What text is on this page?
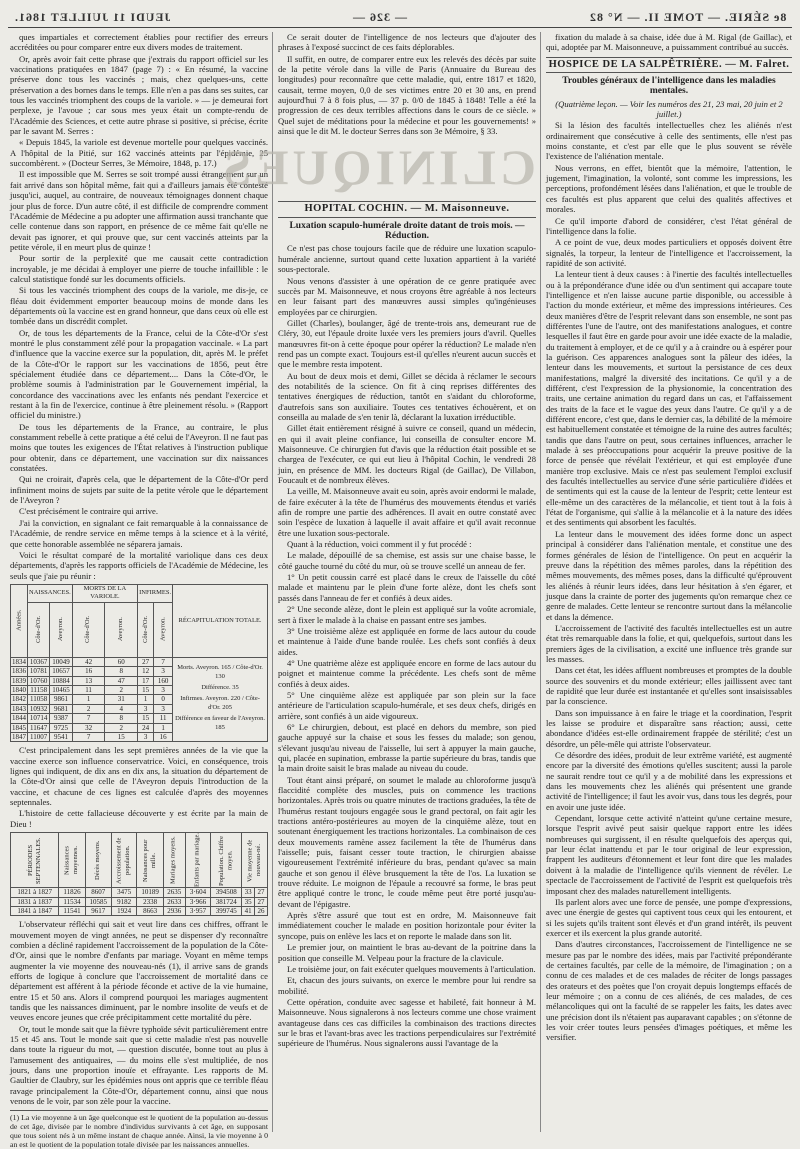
JEUDI 11 JUILLET 1861.	— 326 —	8e SÉRIE. — TOME II. — N° 82

ques impartiales et correctement établies pour rectifier des erreurs accréditées ou pour comparer entre eux divers modes de traitement.

Or, après avoir fait cette phrase que j'extrais du rapport officiel sur les vaccinations pratiquées en 1847 (page 7) : « En résumé, la vaccine préserve donc tous les vaccinés ; mais, chez quelques-uns, cette préservation a des bornes dans le temps. Elle n'en a pas dans ses suites, car tous les vaccinés triomphent des coups de la variole. » — je demeurai fort perplexe, je l'avoue ; car sous mes yeux était un compte-rendu de l'Académie des Sciences, et cette autre phrase si positive, si précise, écrite par le savant M. Serres :

« Depuis 1845, la variole est devenue mortelle pour quelques vaccinés. A l'hôpital de la Pitié, sur 162 vaccinés atteints par l'épidémie, 25 succombèrent. » (Docteur Serres, 3e Mémoire, 1848, p. 17.)

Il est impossible que M. Serres se soit trompé aussi étrangement sur un fait arrivé dans son hôpital même, fait qui a d'ailleurs jamais été contesté jusqu'ici, auquel, au contraire, de nouveaux témoignages donnent chaque jour plus de force. D'un autre côté, il est difficile de comprendre comment l'Académie de Médecine a pu adopter une affirmation aussi tranchante que celle contenue dans son rapport, en présence de ce même fait qu'elle ne devait pas ignorer, et qui prouve que, sur cent vaccinés atteints par la petite vérole, il en meurt plus de quinze !

Pour sortir de la perplexité que me causait cette contradiction incroyable, je me décidai à employer une pierre de touche infaillible : le calcul statistique fondé sur les documents officiels.

Si tous les vaccinés triomphent des coups de la variole, me dis-je, ce fléau doit évidemment emporter beaucoup moins de monde dans les départements où la vaccine est en grand honneur, que dans ceux où elle est tombée dans un discrédit complet.

Or, de tous les départements de la France, celui de la Côte-d'Or s'est montré le plus constamment zélé pour la propagation vaccinale. « La part d'influence que la vaccine exerce sur la population, dit, après M. le préfet de la Côte-d'Or le rapport sur les vaccinations de 1856, peut être spécialement étudiée dans ce département.... Dans la Côte-d'Or, le problème soumis à l'administration par le Gouvernement impérial, la concordance des vaccinations avec les enfants nés pendant l'exercice et restant à la fin de l'exercice, continue à être pleinement résolu. » (Rapport officiel du ministre.)

De tous les départements de la France, au contraire, le plus constamment rebelle à cette pratique a été celui de l'Aveyron. Il ne faut pas moins que toutes les exigences de l'État relatives à l'instruction publique pour obtenir, dans ce département, une vaccination sur dix naissances constatées.

Qui ne croirait, d'après cela, que le département de la Côte-d'Or perd infiniment moins de sujets par suite de la petite vérole que le département de l'Aveyron ?

C'est précisément le contraire qui arrive.

J'ai la conviction, en signalant ce fait remarquable à la connaissance de l'Académie, de rendre service en même temps à la science et à la vérité, que cette honorable assemblée ne séparera jamais.

Voici le résultat comparé de la mortalité variolique dans ces deux départements, d'après les rapports officiels de l'Académie de Médecine, les seuls que j'aie pu réunir :

Années.	NAISSANCES.		MORTS DE LA VARIOLE.		INFIRMES.		RÉCAPITULATION TOTALE.
	Côte-d'Or.	Aveyron.	Côte-d'Or.	Aveyron.	Côte-d'Or.	Aveyron.	
1834	10367	10049	42	60	27	7	Morts. Aveyron. 165 / Côte-d'Or. 130
Différence. 35
Infirmes. Aveyron. 220 / Côte-d'Or. 205
Différence en faveur de l'Aveyron. 185

1836	10781	10657	16	8	12	3	
1839	10760	10884	13	47	17	160	
1840	11158	10465	11	2	15	3	
1842	11058	9861	1	31	1	0	
1843	10932	9681	2	4	3	3	
1844	10714	9387	7	8	15	11	
1845	11647	9725	32	2	24	1	
1847	11007	9541	7	15	3	16	

C'est principalement dans les sept premières années de la vie que la vaccine exerce son influence conservatrice. Voici, en conséquence, trois lignes qui indiquent, de dix ans en dix ans, la situation du département de la Côte-d'Or ainsi que celle de l'Aveyron depuis l'introduction de la vaccine, et chacune de ces lignes est calculée d'après des moyennes septennales.

L'histoire de cette fallacieuse découverte y est écrite par la main de Dieu !

PÉRIODES SEPTENNALES.	Naissances moyennes.	Décès moyens.	Accroissement de population.	Naissances pour mille.	Mariages moyens.	Enfants par mariage.	Population. Chiffre moyen.	Vie moyenne de nouveau-né.	
1821 à 1827	11826	8607	3475	10189	2635	3·604	394508	33	27
1831 à 1837	11534	10585	9182	2338	2633	3·966	381724	35	27
1841 à 1847	11541	9617	1924	8663	2936	3·957	399745	41	26

L'observateur réfléchi qui sait et veut lire dans ces chiffres, offrant le mouvement moyen de vingt années, ne peut se dispenser d'y reconnaître combien a décliné rapidement l'accroissement de la population de la Côte-d'Or, ainsi que le nombre d'enfants par mariage. Voyant en même temps augmenter la vie moyenne des nouveau-nés (1), il arrive sans de grands efforts de logique à conclure que l'accroissement de mortalité dans ce département est afférent à la période féconde et active de la vie humaine, entre 15 et 50 ans. Alors il comprend pourquoi les mariages augmentent tandis que les naissances diminuent, par le nombre insolite de veufs et de veuves encore jeunes que crée précipitamment cette mortalité du père.

Or, tout le monde sait que la fièvre typhoïde sévit particulièrement entre 15 et 45 ans. Tout le monde sait que si cette maladie n'est pas nouvelle dans toute la rigueur du mot, — question discutée, bonne tout au plus à l'amusement des antiquaires, — du moins elle s'est multipliée, de nos jours, dans une proportion inouïe et effrayante. Les rapports de M. Gaultier de Claubry, sur les épidémies nous ont appris que ce terrible fléau ravage principalement la Côte-d'Or, département connu, ainsi que nous venons de le voir, par son zèle pour la vaccine.

(1) La vie moyenne à un âge quelconque est le quotient de la population au-dessus de cet âge, divisée par le nombre d'individus survivants à cet âge, en supposant que tous soient nés à un même instant de chaque année. Ainsi, la vie moyenne à 0 an est le quotient de la population totale divisée par les naissances annuelles.

Ce serait douter de l'intelligence de nos lecteurs que d'ajouter des phrases à l'exposé succinct de ces faits déplorables.

Il suffit, en outre, de comparer entre eux les relevés des décès par suite de la petite vérole dans la ville de Paris (Annuaire du Bureau des longitudes) pour reconnaître que cette maladie, qui, entre 1817 et 1820, causait, terme moyen, 0,0 de ses victimes entre 20 et 30 ans, en prend aujourd'hui 7 à 8 fois plus, — 37 p. 0/0 de 1845 à 1848! Telle a été la progression de ces deux terribles affections dans le cours de ce siècle. » Quel sujet de méditations pour la médecine et pour les gouvernements! » ainsi que le dit M. le docteur Serres dans son 3e Mémoire, § 33.

CLINIQUES
HOPITAL COCHIN. — M. Maisonneuve.
Luxation scapulo-humérale droite datant de trois mois. — Réduction.

Ce n'est pas chose toujours facile que de réduire une luxation scapulo-humérale ancienne, surtout quand cette luxation appartient à la variété sous-pectorale.

Nous venons d'assister à une opération de ce genre pratiquée avec succès par M. Maisonneuve, et nous croyons être agréable à nos lecteurs en leur faisant part des manœuvres aussi simples qu'ingénieuses employées par ce chirurgien.

Gillet (Charles), boulanger, âgé de trente-trois ans, demeurant rue de Cléry, 30, eut l'épaule droite luxée vers les premiers jours d'avril. Quelles manœuvres fit-on à cette époque pour opérer la réduction? Le malade n'en rend pas un compte exact. Toujours est-il qu'elles n'eurent aucun succès et que le membre resta impotent.

Au bout de deux mois et demi, Gillet se décida à réclamer le secours des notabilités de la science. On fit à cinq reprises différentes des tentatives énergiques de réduction, tantôt en s'aidant du chloroforme, d'autrefois sans son auxiliaire. Toutes ces tentatives échouèrent, et on conseilla au malade de s'en tenir là, déclarant la luxation irréductible.

Gillet était entièrement résigné à suivre ce conseil, quand un médecin, en qui il avait pleine confiance, lui conseilla de consulter encore M. Maisonneuve. Ce chirurgien fut d'avis que la réduction était possible et se chargea de l'exécuter, ce qui eut lieu à l'hôpital Cochin, le vendredi 28 juin, en présence de MM. les docteurs Rigal (de Gaillac), De Villabon, Foucault et de nombreux élèves.

La veille, M. Maisonneuve avait eu soin, après avoir endormi le malade, de faire exécuter à la tête de l'humérus des mouvements étendus et variés afin de rompre une partie des adhérences. Il avait en outre constaté avec soin l'espèce de luxation à laquelle il avait affaire et qu'il avait reconnue être une luxation sous-pectorale.

Quant à la réduction, voici comment il y fut procédé :

Le malade, dépouillé de sa chemise, est assis sur une chaise basse, le côté gauche tourné du côté du mur, où se trouve scellé un anneau de fer.

1° Un petit coussin carré est placé dans le creux de l'aisselle du côté malade et maintenu par le plein d'une forte alèze, dont les chefs sont passés dans l'anneau de fer et confiés à deux aides.

2° Une seconde alèze, dont le plein est appliqué sur la voûte acromiale, sert à fixer le malade à la chaise en passant entre ses jambes.

3° Une troisième alèze est appliquée en forme de lacs autour du coude et maintenue à l'aide d'une bande roulée. Les chefs sont confiés à deux aides.

4° Une quatrième alèze est appliquée encore en forme de lacs autour du poignet et maintenue comme la précédente. Les chefs sont de même confiés à deux aides.

5° Une cinquième alèze est appliquée par son plein sur la face antérieure de l'articulation scapulo-humérale, et ses deux chefs, dirigés en arrière, sont confiés à un aide vigoureux.

6° Le chirurgien, debout, est placé en dehors du membre, son pied gauche appuyé sur la chaise et sous les fesses du malade; son genou, s'élevant jusqu'au niveau de l'aisselle, lui sert à appuyer la main gauche, qui, placée en supination, embrasse la partie supérieure du bras, tandis que la main droite saisit le bras malade au niveau du coude.

Tout étant ainsi préparé, on soumet le malade au chloroforme jusqu'à flaccidité complète des muscles, puis on commence les tractions horizontales. Après trois ou quatre minutes de tractions graduées, la tête de l'humérus restant toujours engagée sous le grand pectoral, on fait agir les tractions antéro-postérieures au moyen de la cinquième alèze, tout en soutenant énergiquement les tractions horizontales. La combinaison de ces deux mouvements ramène assez facilement la tête de l'humérus dans l'aisselle; puis, faisant cesser toute traction, le chirurgien abaisse vigoureusement l'extrémité inférieure du bras, pendant qu'avec sa main gauche et son genou il élève brusquement la tête de l'os. La luxation se trouve réduite. Le moignon de l'épaule a recouvré sa forme, le bras peut être appliqué contre le tronc, le coude même peut être porté jusqu'au-devant de l'épigastre.

Après s'être assuré que tout est en ordre, M. Maisonneuve fait immédiatement coucher le malade en position horizontale pour éviter la syncope, puis on enlève les lacs et on reporte le malade dans son lit.

Le premier jour, on maintient le bras au-devant de la poitrine dans la position que conseille M. Velpeau pour la fracture de la clavicule.

Le troisième jour, on fait exécuter quelques mouvements à l'articulation.

Et, chacun des jours suivants, on exerce le membre pour lui rendre sa mobilité.

Cette opération, conduite avec sagesse et habileté, fait honneur à M. Maisonneuve. Nous signalerons à nos lecteurs comme une chose vraiment avantageuse dans ces cas difficiles la combinaison des tractions directes sur le bras et l'avant-bras avec les tractions perpendiculaires sur l'extrémité supérieure de l'humérus. Nous signalerons aussi l'avantage de la

fixation du malade à sa chaise, idée due à M. Rigal (de Gaillac), et qui, adoptée par M. Maisonneuve, a puissamment contribué au succès.

HOSPICE DE LA SALPÊTRIÈRE. — M. Falret.
Troubles généraux de l'intelligence dans les maladies mentales.

(Quatrième leçon. — Voir les numéros des 21, 23 mai, 20 juin et 2 juillet.)

Si la lésion des facultés intellectuelles chez les aliénés n'est ordinairement que consécutive à celle des sentiments, elle n'est pas moins constante, et c'est par elle que le plus souvent se révèle l'existence de l'aliénation mentale.

Nous verrons, en effet, bientôt que la mémoire, l'attention, le jugement, l'imagination, la volonté, sont comme les impressions, les perceptions, profondément lésées dans l'aliénation, et que le trouble de ces facultés est plus apparent que celui des qualités affectives et morales.

Ce qu'il importe d'abord de considérer, c'est l'état général de l'intelligence dans la folie.

A ce point de vue, deux modes particuliers et opposés doivent être signalés, la torpeur, la lenteur de l'intelligence et l'accroissement, la rapidité de son activité.

La lenteur tient à deux causes : à l'inertie des facultés intellectuelles ou à la prépondérance d'une idée ou d'un sentiment qui accapare toute l'intelligence et n'en laisse aucune partie disponible, ou accessible à l'action du monde extérieur, et même des impressions intérieures. Ces deux manières d'être de l'esprit relevant dans son ensemble, ne sont pas différentes l'une de l'autre, ont des manifestations analogues, et contre lesquelles il faut être en garde pour avoir une idée exacte de la maladie, du traitement à employer, et de ce qu'il y a à craindre ou à espérer pour la guérison. Ces apparences analogues sont la pâleur des idées, la lenteur dans les mouvements, et surtout la persistance de ces deux manifestations, malgré la diversité des incitations. Ce qu'il y a de différent, c'est l'expression de la physionomie, la concentration des traits, une certaine animation du regard dans un cas, et l'affaissement des traits de la face et le vague des yeux dans l'autre. Ce qu'il y a de différent encore, c'est que, dans le dernier cas, la débilité de la mémoire est habituellement constatée et témoigne de la ruine des autres facultés; tandis que dans l'autre on peut, sous certaines influences, arracher le malade à ses préoccupations pour acquérir la preuve positive de la force de pensée que révélait l'extérieur, et qui est employée d'une manière trop exclusive. Mais ce n'est pas seulement l'emploi exclusif des facultés intellectuelles au service d'une série particulière d'idées et de sentiments qui est la cause de la lenteur de l'esprit; cette lenteur est elle-même un des caractères de la mélancolie, et tient tout à la fois à l'état de l'organisme, qui s'allie à la mélancolie et à la nature des idées et des sentiments qui absorbent les facultés.

La lenteur dans le mouvement des idées forme donc un aspect principal à considérer dans l'aliénation mentale, et constitue une des formes générales de lésion de l'intelligence. On peut en acquérir la preuve dans la répétition des mêmes paroles, dans la répétition des mêmes mouvements, des mêmes poses, dans la difficulté qu'éprouvent les aliénés à réunir leurs idées, dans leur hésitation à s'en égarer, et jusque dans la crainte de porter des jugements qu'on remarque chez ce genre de malades. Cette lenteur se rencontre surtout dans la mélancolie et dans la démence.

L'accroissement de l'activité des facultés intellectuelles est un autre état très remarquable dans la folie, et qui, quelquefois, surtout dans les premiers âges de la civilisation, a excité une influence très grande sur les masses.

Dans cet état, les idées affluent nombreuses et promptes de la double source des souvenirs et du monde extérieur; elles jaillissent avec tant de rapidité que leur durée est instantanée et qu'elles sont insaisissables par la conscience.

Dans son impuissance à en faire le triage et la coordination, l'esprit les laisse se produire et disparaître sans réaction; aussi, cette abondance d'idées est-elle ordinairement frappée de stérilité; c'est un désordre, un pêle-mêle qui attriste l'observateur.

Ce désordre des idées, produit de leur extrême variété, est augmenté encore par la diversité des émotions qu'elles suscitent; aussi la parole ne saurait rendre tout ce qu'il y a de mobilité dans les expressions et dans les mouvements chez les aliénés qui présentent une grande activité de l'intelligence; il faut les avoir vus, dans tous les degrés, pour en avoir une juste idée.

Cependant, lorsque cette activité n'atteint qu'une certaine mesure, lorsque l'esprit avivé peut saisir quelque rapport entre les idées nombreuses qui surgissent, il en résulte quelquefois des aperçus qui, par leur éclat inattendu et par le tour original de leur expression, frappent les auditeurs d'étonnement et leur font dire que les malades doivent à la maladie de l'intelligence qu'ils viennent de révéler. Le spectacle de l'accroissement de l'activité de l'esprit est quelquefois très imposant chez des malades naturellement intelligents.

Ils parlent alors avec une force de pensée, une pompe d'expressions, avec une énergie de gestes qui captivent tous ceux qui les entourent, et si les sujets qu'ils traitent sont élevés et d'un grand intérêt, ils peuvent exercer et ils exercent la plus grande autorité.

Dans d'autres circonstances, l'accroissement de l'intelligence ne se mesure pas par le nombre des idées, mais par l'activité prépondérante de certaines facultés, par celle de la mémoire, de l'imagination ; on a connu de ces malades et de ces malades de réciter de longs passages des orateurs et des poètes que l'on croyait depuis longtemps effacés de leur mémoire ; on a connu de ces aliénés, de ces malades, de ces mélancoliques qui ont la faculté de se rappeler les faits, les dates avec une précision dont ils n'étaient pas auparavant capables ; on s'étonne de les voir créer toutes leurs pensées d'images poétiques, et même les versifier.
